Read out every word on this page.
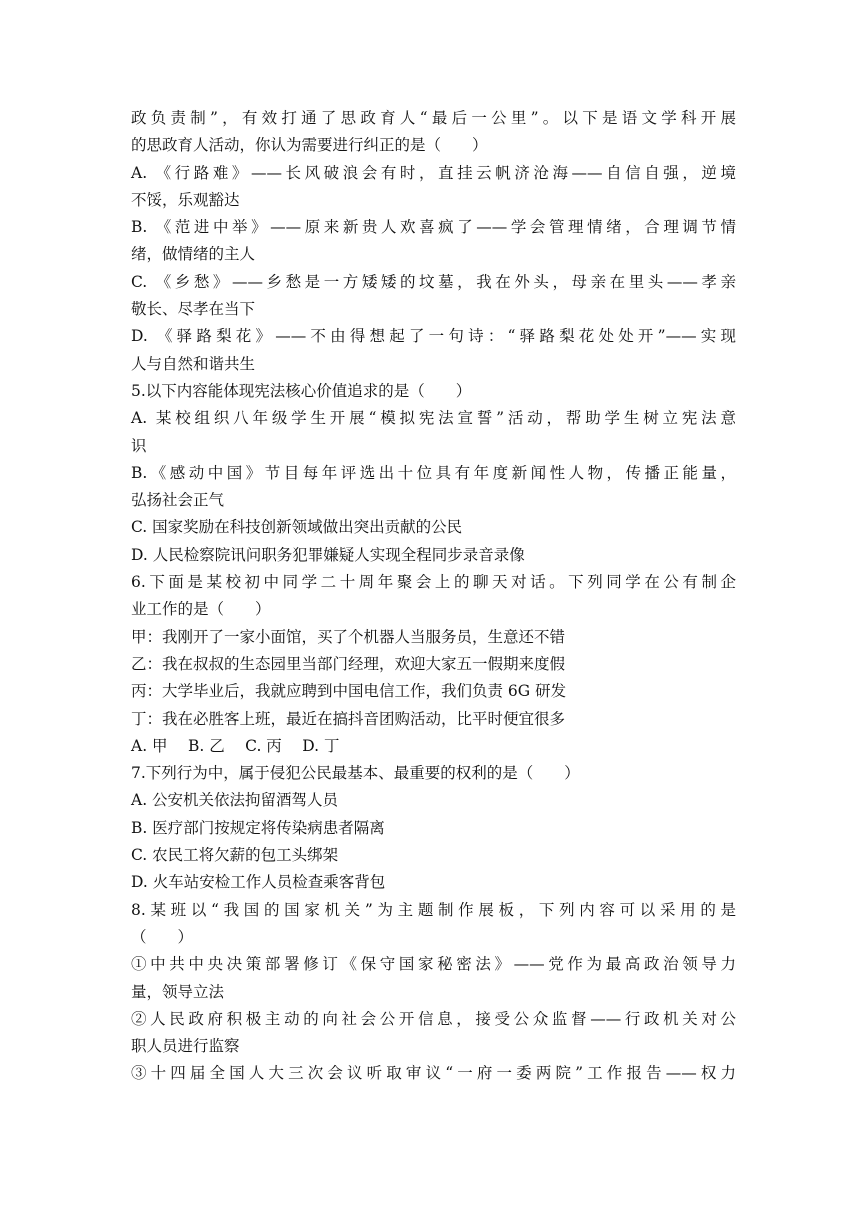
政负责制”，有效打通了思政育人“最后一公里”。以下是语文学科开展
的思政育人活动，你认为需要进行纠正的是（　　）
A. 《行路难》——长风破浪会有时，直挂云帆济沧海——自信自强，逆境
不馁，乐观豁达
B. 《范进中举》——原来新贵人欢喜疯了——学会管理情绪，合理调节情
绪，做情绪的主人
C. 《乡愁》——乡愁是一方矮矮的坟墓，我在外头，母亲在里头——孝亲
敬长、尽孝在当下
D. 《驿路梨花》——不由得想起了一句诗：“驿路梨花处处开”——实现
人与自然和谐共生
5.以下内容能体现宪法核心价值追求的是（　　）
A. 某校组织八年级学生开展“模拟宪法宣誓”活动，帮助学生树立宪法意
识
B.《感动中国》节目每年评选出十位具有年度新闻性人物，传播正能量，
弘扬社会正气
C. 国家奖励在科技创新领域做出突出贡献的公民
D. 人民检察院讯问职务犯罪嫌疑人实现全程同步录音录像
6.下面是某校初中同学二十周年聚会上的聊天对话。下列同学在公有制企
业工作的是（　　）
甲：我刚开了一家小面馆，买了个机器人当服务员，生意还不错
乙：我在叔叔的生态园里当部门经理，欢迎大家五一假期来度假
丙：大学毕业后，我就应聘到中国电信工作，我们负责 6G 研发
丁：我在必胜客上班，最近在搞抖音团购活动，比平时便宜很多
A. 甲　 B. 乙　 C. 丙　 D. 丁
7.下列行为中，属于侵犯公民最基本、最重要的权利的是（　　）
A. 公安机关依法拘留酒驾人员
B. 医疗部门按规定将传染病患者隔离
C. 农民工将欠薪的包工头绑架
D. 火车站安检工作人员检查乘客背包
8.某班以“我国的国家机关”为主题制作展板，下列内容可以采用的是
（　　）
①中共中央决策部署修订《保守国家秘密法》——党作为最高政治领导力
量，领导立法
②人民政府积极主动的向社会公开信息，接受公众监督——行政机关对公
职人员进行监察
③十四届全国人大三次会议听取审议“一府一委两院”工作报告——权力
